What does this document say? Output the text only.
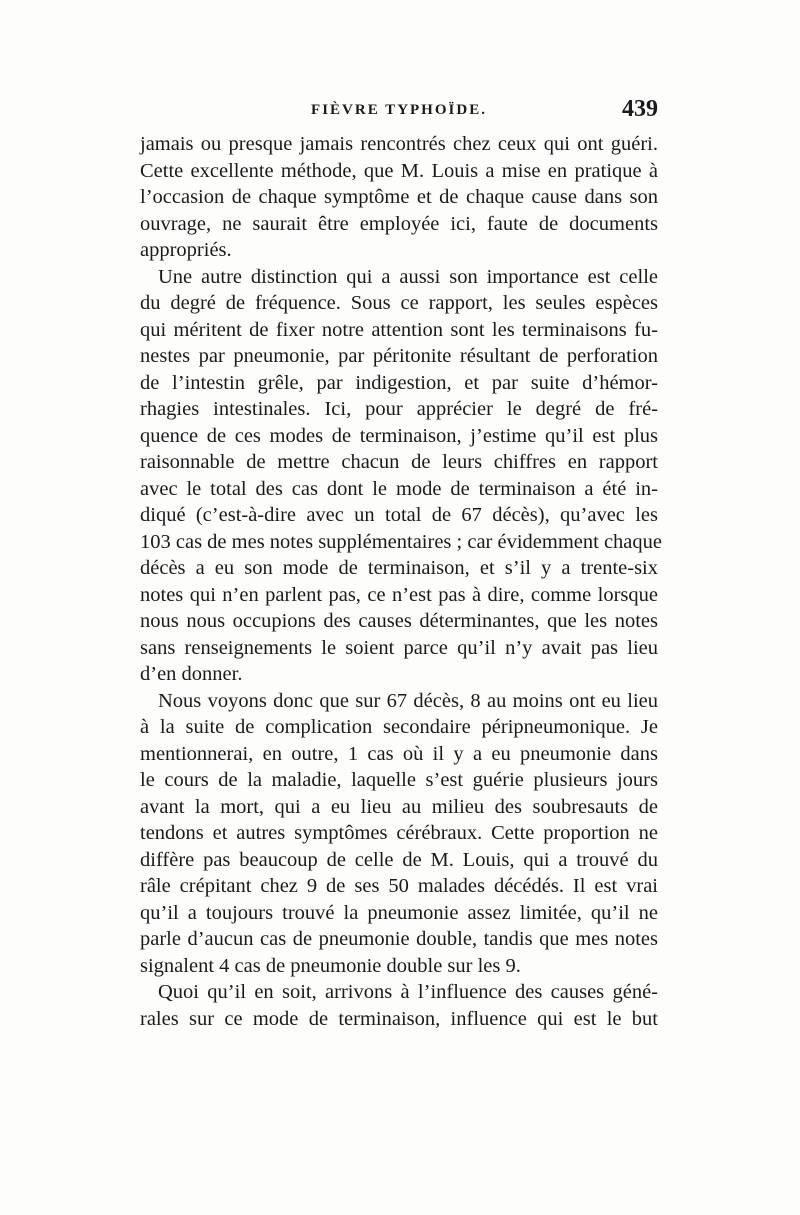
FIÈVRE TYPHOÏDE.	439
jamais ou presque jamais rencontrés chez ceux qui ont guéri.
Cette excellente méthode, que M. Louis a mise en pratique à
l’occasion de chaque symptôme et de chaque cause dans son
ouvrage, ne saurait être employée ici, faute de documents
appropriés.
Une autre distinction qui a aussi son importance est celle
du degré de fréquence. Sous ce rapport, les seules espèces
qui méritent de fixer notre attention sont les terminaisons fu-
nestes par pneumonie, par péritonite résultant de perforation
de l’intestin grêle, par indigestion, et par suite d’hémor-
rhagies intestinales. Ici, pour apprécier le degré de fré-
quence de ces modes de terminaison, j’estime qu’il est plus
raisonnable de mettre chacun de leurs chiffres en rapport
avec le total des cas dont le mode de terminaison a été in-
diqué (c’est-à-dire avec un total de 67 décès), qu’avec les
103 cas de mes notes supplémentaires ; car évidemment chaque
décès a eu son mode de terminaison, et s’il y a trente-six
notes qui n’en parlent pas, ce n’est pas à dire, comme lorsque
nous nous occupions des causes déterminantes, que les notes
sans renseignements le soient parce qu’il n’y avait pas lieu
d’en donner.
Nous voyons donc que sur 67 décès, 8 au moins ont eu lieu
à la suite de complication secondaire péripneumonique. Je
mentionnerai, en outre, 1 cas où il y a eu pneumonie dans
le cours de la maladie, laquelle s’est guérie plusieurs jours
avant la mort, qui a eu lieu au milieu des soubresauts de
tendons et autres symptômes cérébraux. Cette proportion ne
diffère pas beaucoup de celle de M. Louis, qui a trouvé du
râle crépitant chez 9 de ses 50 malades décédés. Il est vrai
qu’il a toujours trouvé la pneumonie assez limitée, qu’il ne
parle d’aucun cas de pneumonie double, tandis que mes notes
signalent 4 cas de pneumonie double sur les 9.
Quoi qu’il en soit, arrivons à l’influence des causes géné-
rales sur ce mode de terminaison, influence qui est le but
